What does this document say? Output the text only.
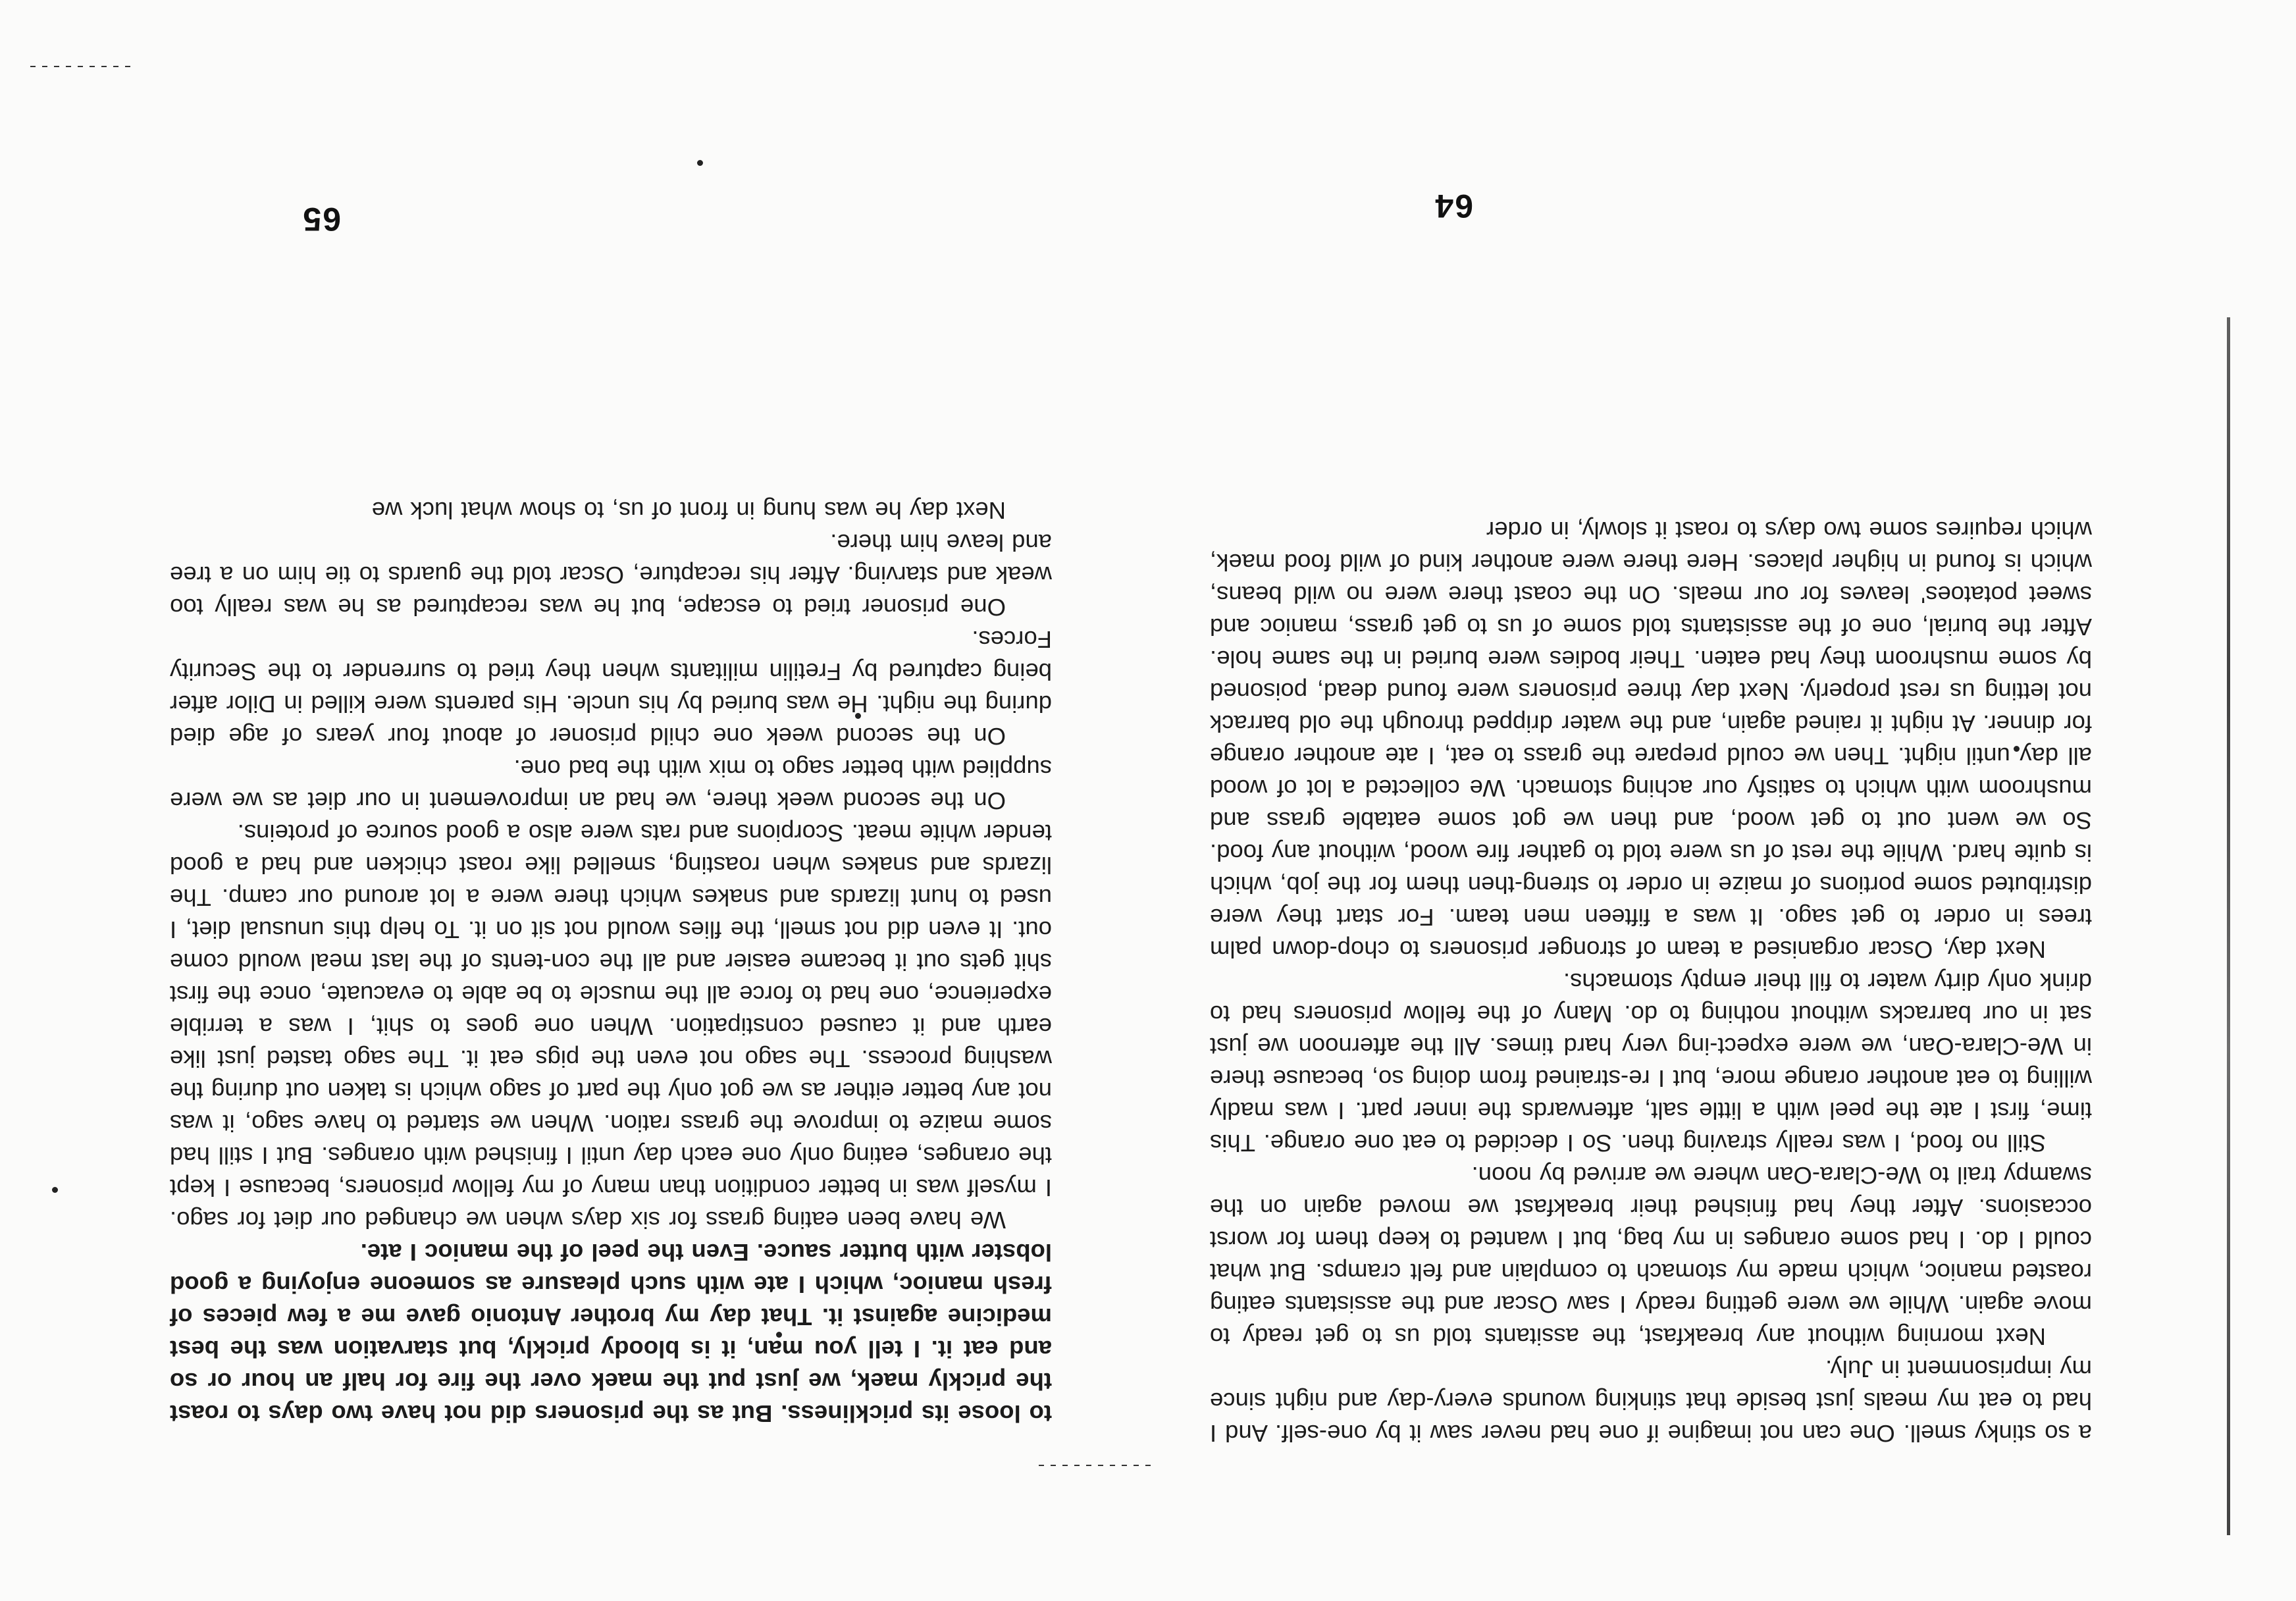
a so stinky smell. One can not imagine if one had never saw it by one-self. And I had to eat my meals just beside that stinking wounds every-day and night since my imprisonment in July.

Next morning without any breakfast, the assitants told us to get ready to move again. While we were getting ready I saw Oscar and the assistants eating roasted manioc, which made my stomach to complain and felt cramps. But what could I do. I had some oranges in my bag, but I wanted to keep them for worst occasions. After they had finished their breakfast we moved again on the swampy trail to We-Clara-Oan where we arrived by noon.

Still no food, I was really straving then. So I decided to eat one orange. This time, first I ate the peel with a little salt, afterwards the inner part. I was madly willing to eat another orange more, but I re-strained from doing so, because there in We-Clara-Oan, we were expect-ing very hard times. All the afternoon we just sat in our barracks without nothing to do. Many of the fellow prisoners had to drink only dirty water to fill their empty stomachs.

Next day, Oscar organised a team of stronger prisoners to chop-down palm trees in order to get sago. It was a fifteen men team. For start they were distributed some portions of maize in order to streng-then them for the job, which is quite hard. While the rest of us were told to gather fire wood, without any food. So we went out to get wood, and then we got some eatable grass and mushroom with which to satisfy our aching stomach. We collected a lot of wood all day until night. Then we could prepare the grass to eat, I ate another orange for dinner. At night it rained again, and the water dripped through the old barrack not letting us rest properly. Next day three prisoners were found dead, poisoned by some mushroom they had eaten. Their bodies were buried in the same hole. After the burial, one of the assistants told some of us to get grass, manioc and sweet potatoes' leaves for our meals. On the coast there were no wild beans, which is found in higher places. Here there were another kind of wild food maek, which requires some two days to roast it slowly, in order

64

to loose its prickliness. But as the prisoners did not have two days to roast the prickly maek, we just put the maek over the fire for half an hour or so and eat it. I tell you man, it is bloody prickly, but starvation was the best medicine against it. That day my brother Antonio gave me a few pieces of fresh manioc, which I ate with such pleasure as someone enjoying a good lobster with butter sauce. Even the peel of the manioc I ate.

We have been eating grass for six days when we changed our diet for sago. I myself was in better condition than many of my fellow prisoners, because I kept the oranges, eating only one each day until I finished with oranges. But I still had some maize to improve the grass ration. When we started to have sago, it was not any better either as we got only the part of sago which is taken out during the washing process. The sago not even the pigs eat it. The sago tasted just like earth and it caused constipation. When one goes to shit, I was a terrible experience, one had to force all the muscle to be able to evacuate, once the first shit gets out it became easier and all the con-tents of the last meal would come out. It even did not smell, the flies would not sit on it. To help this unusual diet, I used to hunt lizards and snakes which there were a lot around our camp. The lizards and snakes when roasting, smelled like roast chicken and had a good tender white meat. Scorpions and rats were also a good source of proteins.

On the second week there, we had an improvement in our diet as we were supplied with better sago to mix with the bad one.

On the second week one child prisoner of about four years of age died during the night. He was buried by his uncle. His parents were killed in Dilor after being captured by Fretilin militants when they tried to surrender to the Security Forces.

One prisoner tried to escape, but he was recaptured as he was really too weak and starving. After his recapture, Oscar told the guards to tie him on a tree and leave him there.

Next day he was hung in front of us, to show what luck we

65
